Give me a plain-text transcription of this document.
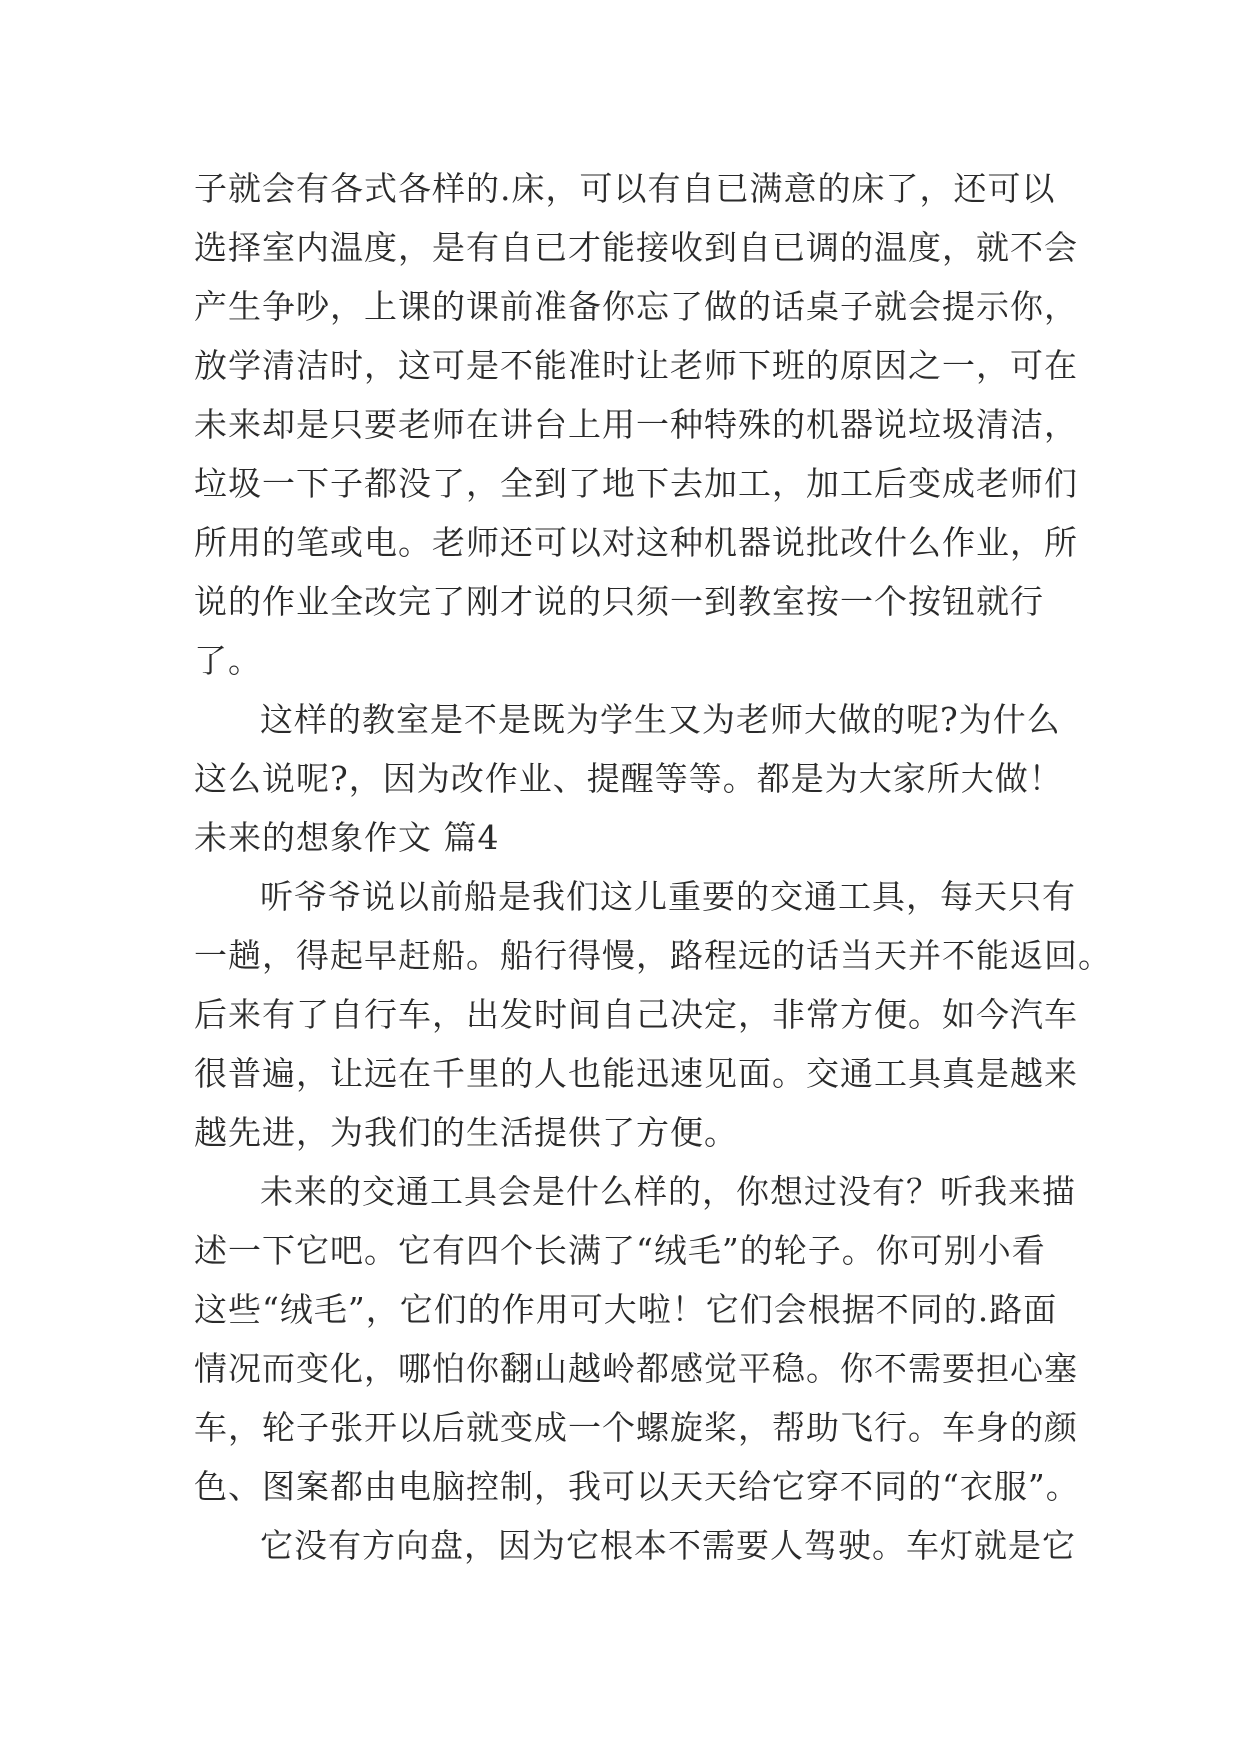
子就会有各式各样的.床，可以有自已满意的床了，还可以
选择室内温度，是有自已才能接收到自已调的温度，就不会
产生争吵，上课的课前准备你忘了做的话桌子就会提示你，
放学清洁时，这可是不能准时让老师下班的原因之一，可在
未来却是只要老师在讲台上用一种特殊的机器说垃圾清洁，
垃圾一下子都没了，全到了地下去加工，加工后变成老师们
所用的笔或电。老师还可以对这种机器说批改什么作业，所
说的作业全改完了刚才说的只须一到教室按一个按钮就行
了。
这样的教室是不是既为学生又为老师大做的呢?为什么
这么说呢?，因为改作业、提醒等等。都是为大家所大做！
未来的想象作文 篇4
听爷爷说以前船是我们这儿重要的交通工具，每天只有
一趟，得起早赶船。船行得慢，路程远的话当天并不能返回。
后来有了自行车，出发时间自己决定，非常方便。如今汽车
很普遍，让远在千里的人也能迅速见面。交通工具真是越来
越先进，为我们的生活提供了方便。
未来的交通工具会是什么样的，你想过没有？听我来描
述一下它吧。它有四个长满了“绒毛”的轮子。你可别小看
这些“绒毛”，它们的作用可大啦！它们会根据不同的.路面
情况而变化，哪怕你翻山越岭都感觉平稳。你不需要担心塞
车，轮子张开以后就变成一个螺旋桨，帮助飞行。车身的颜
色、图案都由电脑控制，我可以天天给它穿不同的“衣服”。
它没有方向盘，因为它根本不需要人驾驶。车灯就是它
